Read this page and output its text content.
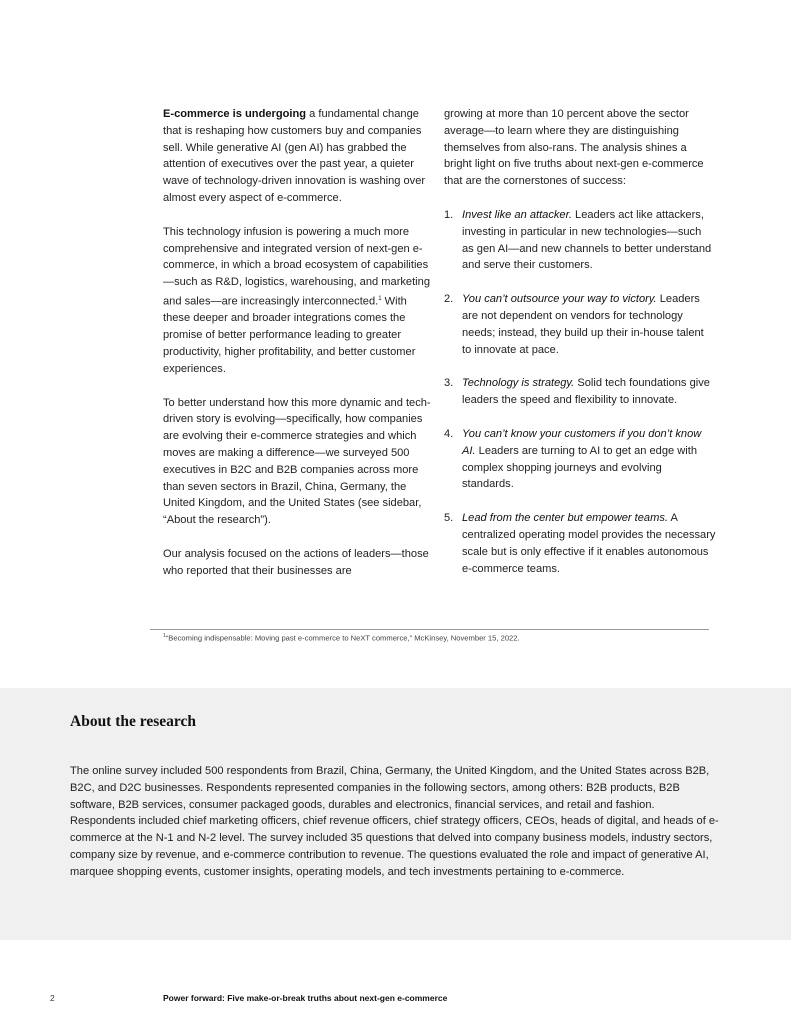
E-commerce is undergoing a fundamental change that is reshaping how customers buy and companies sell. While generative AI (gen AI) has grabbed the attention of executives over the past year, a quieter wave of technology-driven innovation is washing over almost every aspect of e-commerce.

This technology infusion is powering a much more comprehensive and integrated version of next-gen e-commerce, in which a broad ecosystem of capabilities—such as R&D, logistics, warehousing, and marketing and sales—are increasingly interconnected.$^1$ With these deeper and broader integrations comes the promise of better performance leading to greater productivity, higher profitability, and better customer experiences.

To better understand how this more dynamic and tech-driven story is evolving—specifically, how companies are evolving their e-commerce strategies and which moves are making a difference—we surveyed 500 executives in B2C and B2B companies across more than seven sectors in Brazil, China, Germany, the United Kingdom, and the United States (see sidebar, “About the research”).

Our analysis focused on the actions of leaders—those who reported that their businesses are

growing at more than 10 percent above the sector average—to learn where they are distinguishing themselves from also-rans. The analysis shines a bright light on five truths about next-gen e-commerce that are the cornerstones of success:

1. Invest like an attacker. Leaders act like attackers, investing in particular in new technologies—such as gen AI—and new channels to better understand and serve their customers.
2. You can’t outsource your way to victory. Leaders are not dependent on vendors for technology needs; instead, they build up their in-house talent to innovate at pace.
3. Technology is strategy. Solid tech foundations give leaders the speed and flexibility to innovate.
4. You can’t know your customers if you don’t know AI. Leaders are turning to AI to get an edge with complex shopping journeys and evolving standards.
5. Lead from the center but empower teams. A centralized operating model provides the necessary scale but is only effective if it enables autonomous e-commerce teams.
$^1$“Becoming indispensable: Moving past e-commerce to NeXT commerce,” McKinsey, November 15, 2022.
About the research

The online survey included 500 respondents from Brazil, China, Germany, the United Kingdom, and the United States across B2B, B2C, and D2C businesses. Respondents represented companies in the following sectors, among others: B2B products, B2B software, B2B services, consumer packaged goods, durables and electronics, financial services, and retail and fashion. Respondents included chief marketing officers, chief revenue officers, chief strategy officers, CEOs, heads of digital, and heads of e-commerce at the N-1 and N-2 level. The survey included 35 questions that delved into company business models, industry sectors, company size by revenue, and e-commerce contribution to revenue. The questions evaluated the role and impact of generative AI, marquee shopping events, customer insights, operating models, and tech investments pertaining to e-commerce.

2	Power forward: Five make-or-break truths about next-gen e-commerce
